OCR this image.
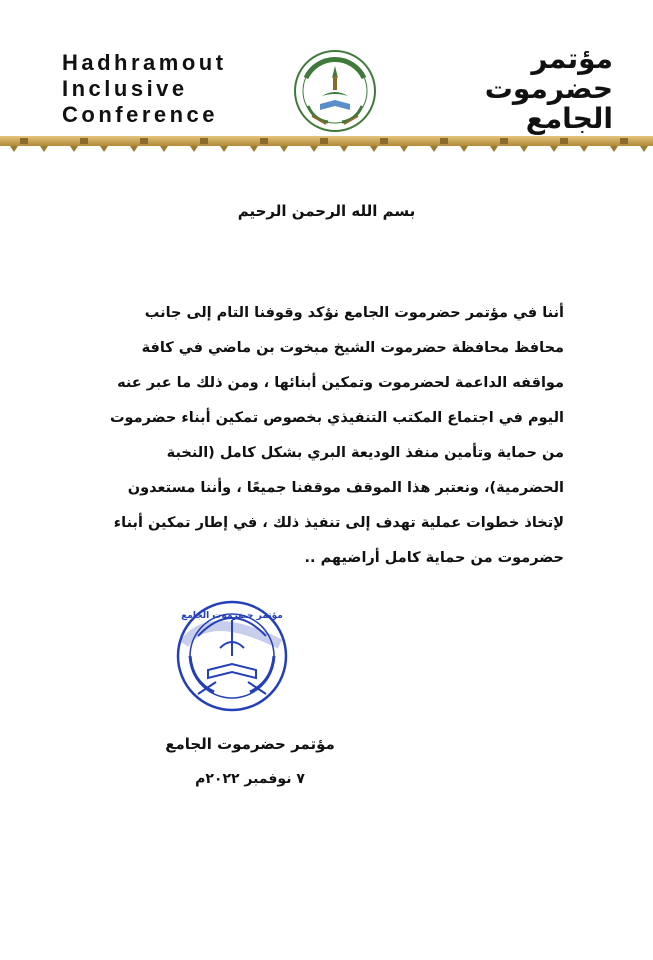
Hadhramout
Inclusive
Conference
مؤتمر
حضرموت
الجامع
بسم الله الرحمن الرحيم
أننا في مؤتمر حضرموت الجامع نؤكد وقوفنا التام إلى جانب
محافظ محافظة حضرموت الشيخ مبخوت بن ماضي في كافة
مواقفه الداعمة لحضرموت وتمكين أبنائها ، ومن ذلك ما عبر عنه
اليوم في اجتماع المكتب التنفيذي بخصوص تمكين أبناء حضرموت
من حماية وتأمين منفذ الوديعة البري بشكل كامل (النخبة
الحضرمية)، ونعتبر هذا الموقف موقفنا جميعًا ، وأننا مستعدون
لإتخاذ خطوات عملية تهدف إلى تنفيذ ذلك ، في إطار تمكين أبناء
حضرموت من حماية كامل أراضيهم ..
مؤتمر حضرموت الجامع
مؤتمر حضرموت الجامع
٧ نوفمبر ٢٠٢٢م
